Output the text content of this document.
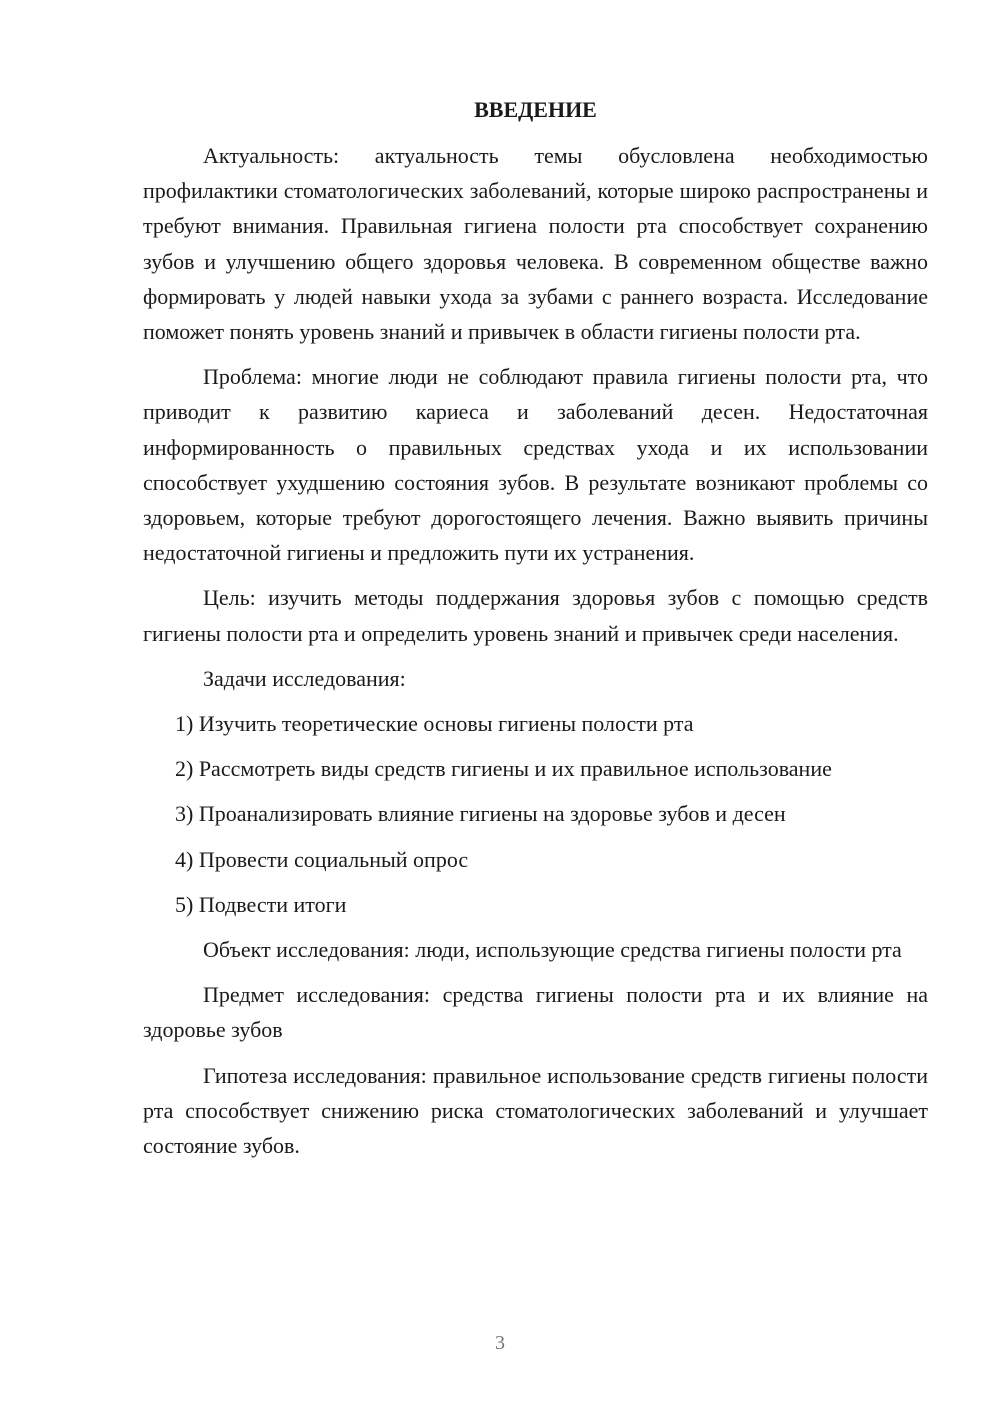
ВВЕДЕНИЕ

Актуальность: актуальность темы обусловлена необходимостью профилактики стоматологических заболеваний, которые широко распространены и требуют внимания. Правильная гигиена полости рта способствует сохранению зубов и улучшению общего здоровья человека. В современном обществе важно формировать у людей навыки ухода за зубами с раннего возраста. Исследование поможет понять уровень знаний и привычек в области гигиены полости рта.

Проблема: многие люди не соблюдают правила гигиены полости рта, что приводит к развитию кариеса и заболеваний десен. Недостаточная информированность о правильных средствах ухода и их использовании способствует ухудшению состояния зубов. В результате возникают проблемы со здоровьем, которые требуют дорогостоящего лечения. Важно выявить причины недостаточной гигиены и предложить пути их устранения.

Цель: изучить методы поддержания здоровья зубов с помощью средств гигиены полости рта и определить уровень знаний и привычек среди населения.

Задачи исследования:

1) Изучить теоретические основы гигиены полости рта
2) Рассмотреть виды средств гигиены и их правильное использование
3) Проанализировать влияние гигиены на здоровье зубов и десен
4) Провести социальный опрос
5) Подвести итоги

Объект исследования: люди, использующие средства гигиены полости рта

Предмет исследования: средства гигиены полости рта и их влияние на здоровье зубов

Гипотеза исследования: правильное использование средств гигиены полости рта способствует снижению риска стоматологических заболеваний и улучшает состояние зубов.

3
